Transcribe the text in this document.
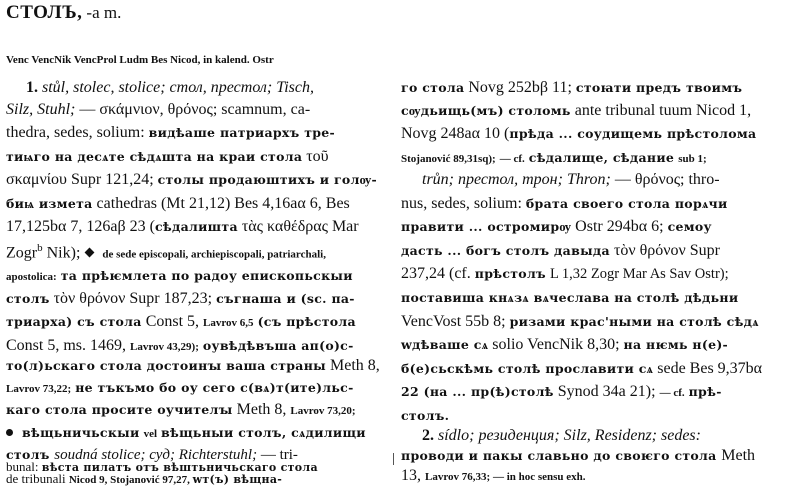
СТОЛЪ, -a m.
Venc VencNik VencProl Ludm Bes Nicod, in kalend. Ostr
1. stůl, stolec, stolice; стол, престол; Tisch,
Silz, Stuhl; — σκάμνιον, θρόνος; scamnum, ca-
thedra, sedes, solium: видѣаше патриархъ тре-
тиѩго на десѧте сѣдѧшта на краи стола τοῦ
σκαμνίου Supr 121,24; столы продаюштихъ и голѹ-
биѩ измета cathedras (Mt 21,12) Bes 4,16aα 6, Bes
17,125bα 7, 126aβ 23 (сѣдалишта τὰς καθέδρας Mar
Zogr$^b$ Nik); de sede episcopali, archiepiscopali, patriarchali,
apostolica: та прѣѥмлета по радоу епископьскыи
столъ τὸν θρόνον Supr 187,23; съгнаша и (sc. па-
триарха) съ стола Const 5, Lavrov 6,5 (съ прѣстола
Const 5, ms. 1469, Lavrov 43,29); оувѣдѣвъша ап(о)с-
то(л)ьскаго стола достоинꙑ ваша страны Meth 8,
Lavrov 73,22; не тъкъмо бо оу сего с(вѧ)т(ите)льс-
каго стола просите оучителꙑ Meth 8, Lavrov 73,20;
вѣщьничьскыи vel вѣщьныи столъ, сѧдилищи
го стола Novg 252bβ 11; стоꙗти предъ твоимъ
сѹдьищь(мъ) столомь ante tribunal tuum Nicod 1,
Novg 248aα 10 (прѣда ... соудищемь прѣстолома
Stojanović 89,31sq); — cf. сѣдалище, сѣдание sub 1;
trůn; престол, трон; Thron; — θρόνος; thro-
nus, sedes, solium: брата своего стола порѧчи
правити ... остромирѹ Ostr 294bα 6; семоу
дасть ... богъ столъ давыда τὸν θρόνον Supr
237,24 (cf. прѣстолъ L 1,32 Zogr Mar As Sav Ostr);
поставиша кнѧзѧ вѧчеслава на столѣ дѣдьни
VencVost 55b 8; ризами крас'ными на столѣ сѣдѧ
wдѣваше сѧ solio VencNik 8,30; на нѥмь н(е)-
б(е)сьскѣмь столѣ прославити сѧ sede Bes 9,37bα
22 (на ... пр(ѣ)столѣ Synod 34a 21); — cf. прѣ-
столъ.
2. sídlo; резиденция; Silz, Residenz; sedes:
столъ soudná stolice; суд; Richterstuhl; — tri-	проводи и пакы славьно до своѥго стола Meth
13, Lavrov 76,33; — in hoc sensu exh.
bunal: вѣста пилатъ отъ вѣштьничьскаго стола
de tribunali Nicod 9, Stojanović 97,27, wт(ъ) вѣщна-
